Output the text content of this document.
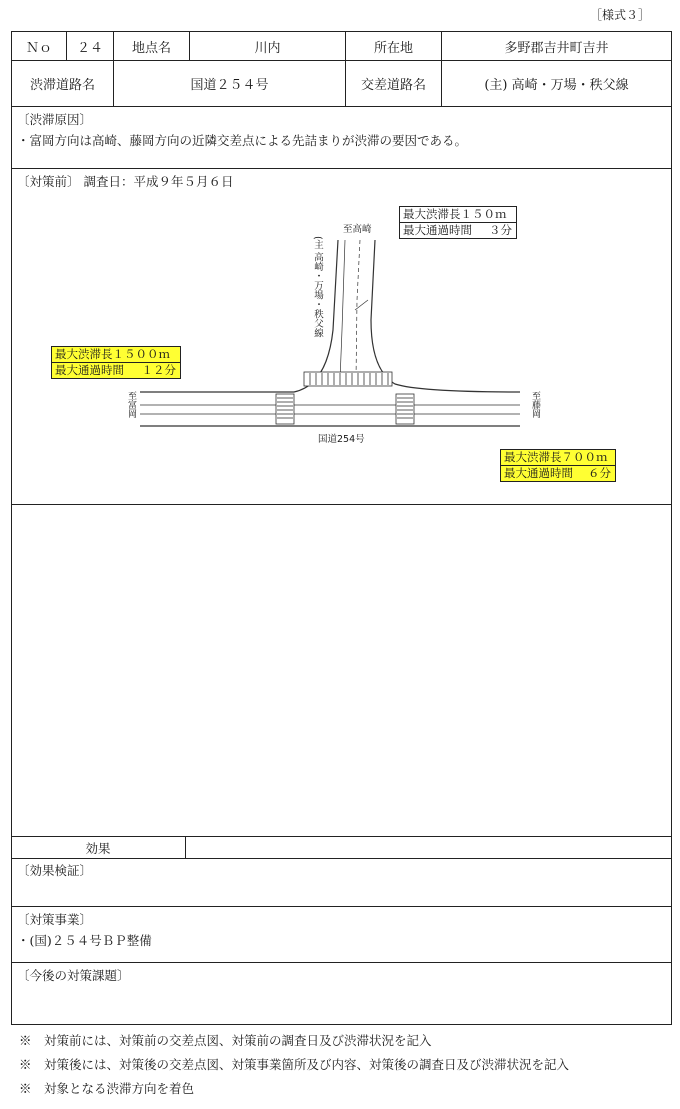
［様式３］
Ｎｏ	２４	地点名	川内	所在地	多野郡吉井町吉井
渋滞道路名	国道２５４号	交差道路名	(主) 高崎・万場・秩父線
〔渋滞原因〕
・富岡方向は高崎、藤岡方向の近隣交差点による先詰まりが渋滞の要因である。
〔対策前〕 調査日：平成９年５月６日
至高崎
(主 高崎・万場・秩父線
至富岡	至藤岡
国道254号
最大渋滞長１５０ｍ
最大通過時間 ３分
最大渋滞長１５００ｍ
最大通過時間 １２分
最大渋滞長７００ｍ
最大通過時間 ６分
効果
〔効果検証〕
〔対策事業〕
・(国)２５４号ＢＰ整備
〔今後の対策課題〕
※　対策前には、対策前の交差点図、対策前の調査日及び渋滞状況を記入
※　対策後には、対策後の交差点図、対策事業箇所及び内容、対策後の調査日及び渋滞状況を記入
※　対象となる渋滞方向を着色
